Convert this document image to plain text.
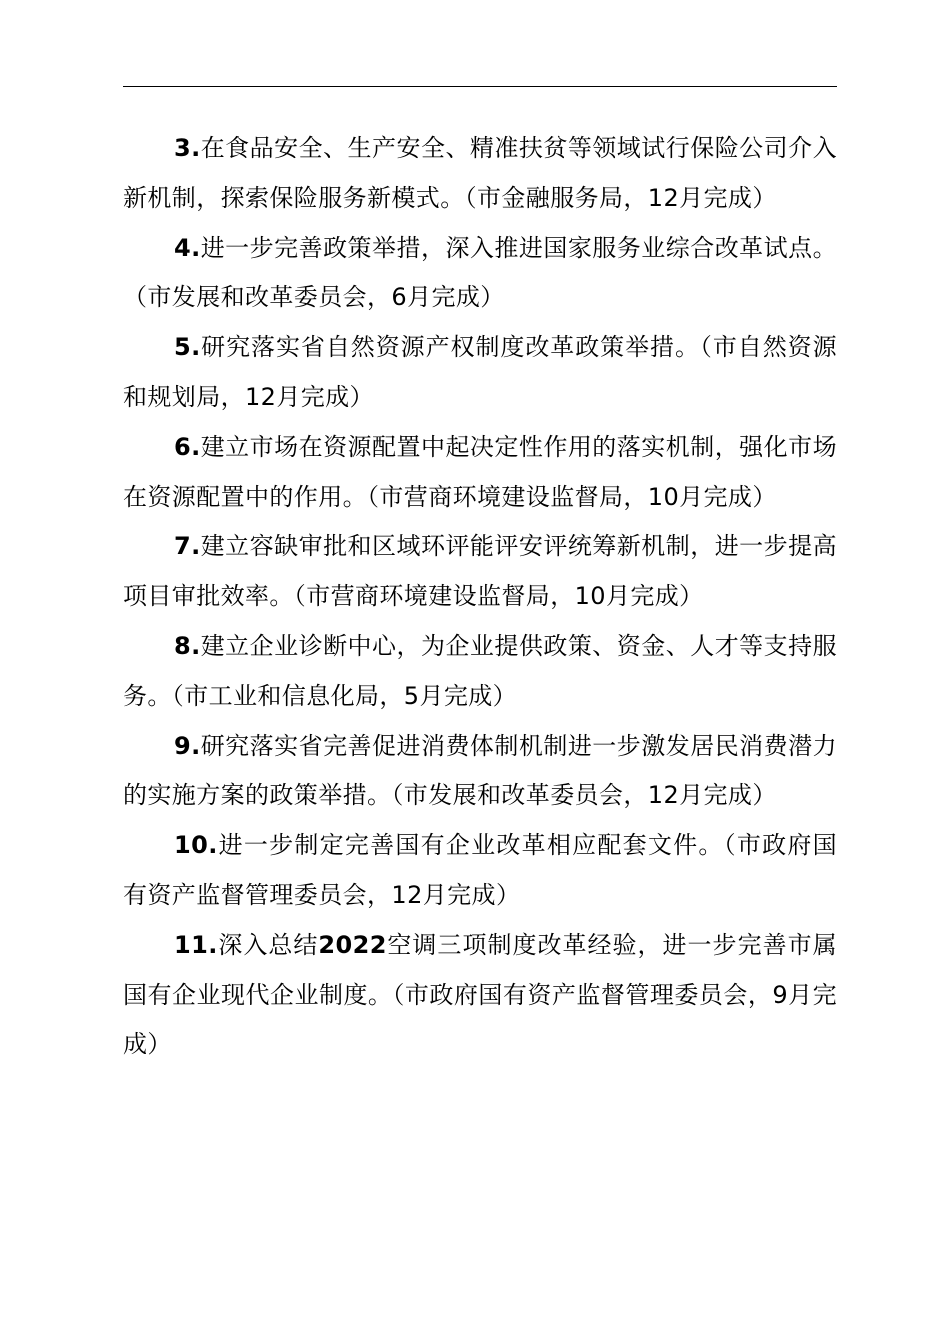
3.在食品安全、生产安全、精准扶贫等领域试行保险公司介入新机制，探索保险服务新模式。（市金融服务局，12月完成）

4.进一步完善政策举措，深入推进国家服务业综合改革试点。（市发展和改革委员会，6月完成）

5.研究落实省自然资源产权制度改革政策举措。（市自然资源和规划局，12月完成）

6.建立市场在资源配置中起决定性作用的落实机制，强化市场在资源配置中的作用。（市营商环境建设监督局，10月完成）

7.建立容缺审批和区域环评能评安评统筹新机制，进一步提高项目审批效率。（市营商环境建设监督局，10月完成）

8.建立企业诊断中心，为企业提供政策、资金、人才等支持服务。（市工业和信息化局，5月完成）

9.研究落实省完善促进消费体制机制进一步激发居民消费潜力的实施方案的政策举措。（市发展和改革委员会，12月完成）

10.进一步制定完善国有企业改革相应配套文件。（市政府国有资产监督管理委员会，12月完成）

11.深入总结2022空调三项制度改革经验，进一步完善市属国有企业现代企业制度。（市政府国有资产监督管理委员会，9月完成）
